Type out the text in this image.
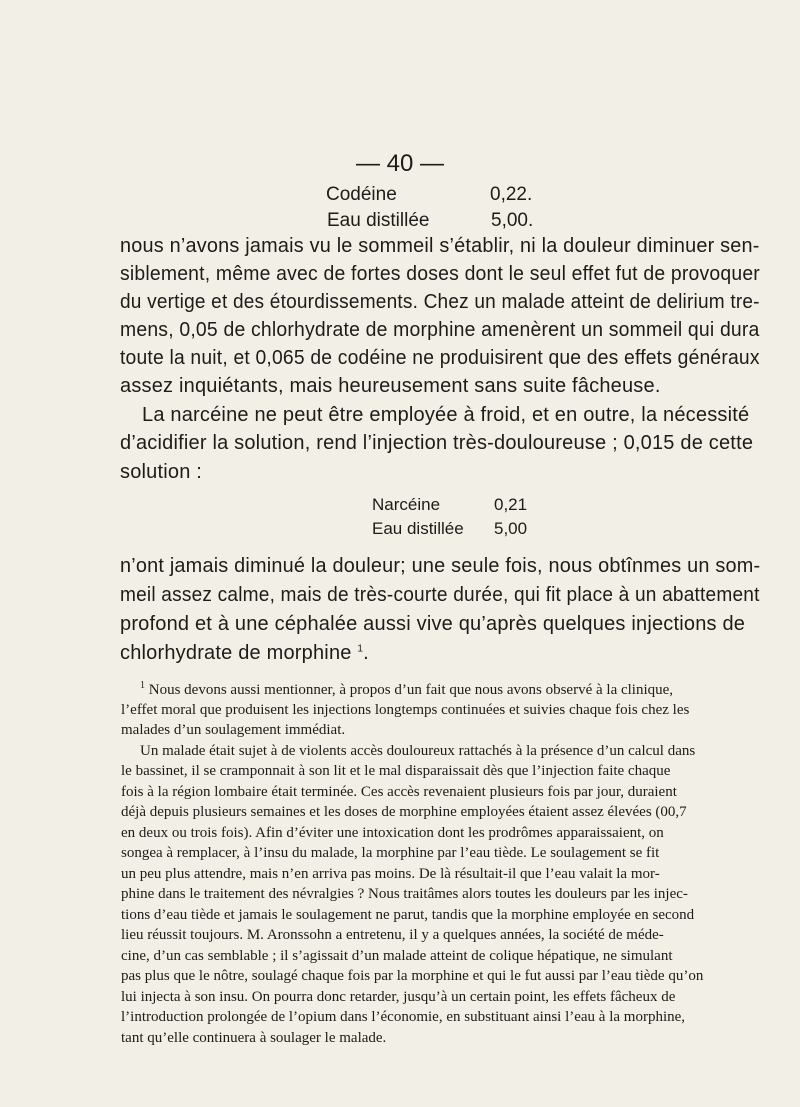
— 40 —
Codéine	0,22.
Eau distillée	5,00.
nous n’avons jamais vu le sommeil s’établir, ni la douleur diminuer sen-
siblement, même avec de fortes doses dont le seul effet fut de provoquer
du vertige et des étourdissements. Chez un malade atteint de delirium tre-
mens, 0,05 de chlorhydrate de morphine amenèrent un sommeil qui dura
toute la nuit, et 0,065 de codéine ne produisirent que des effets généraux
assez inquiétants, mais heureusement sans suite fâcheuse.
La narcéine ne peut être employée à froid, et en outre, la nécessité
d’acidifier la solution, rend l’injection très-douloureuse ; 0,015 de cette
solution :
Narcéine	0,21
Eau distillée 5,00
n’ont jamais diminué la douleur; une seule fois, nous obtînmes un som-
meil assez calme, mais de très-courte durée, qui fit place à un abattement
profond et à une céphalée aussi vive qu’après quelques injections de
chlorhydrate de morphine $^1$.
$^1$ Nous devons aussi mentionner, à propos d’un fait que nous avons observé à la clinique,
l’effet moral que produisent les injections longtemps continuées et suivies chaque fois chez les
malades d’un soulagement immédiat.
Un malade était sujet à de violents accès douloureux rattachés à la présence d’un calcul dans
le bassinet, il se cramponnait à son lit et le mal disparaissait dès que l’injection faite chaque
fois à la région lombaire était terminée. Ces accès revenaient plusieurs fois par jour, duraient
déjà depuis plusieurs semaines et les doses de morphine employées étaient assez élevées (00,7
en deux ou trois fois). Afin d’éviter une intoxication dont les prodrômes apparaissaient, on
songea à remplacer, à l’insu du malade, la morphine par l’eau tiède. Le soulagement se fit
un peu plus attendre, mais n’en arriva pas moins. De là résultait-il que l’eau valait la mor-
phine dans le traitement des névralgies ? Nous traitâmes alors toutes les douleurs par les injec-
tions d’eau tiède et jamais le soulagement ne parut, tandis que la morphine employée en second
lieu réussit toujours. M. Aronssohn a entretenu, il y a quelques années, la société de méde-
cine, d’un cas semblable ; il s’agissait d’un malade atteint de colique hépatique, ne simulant
pas plus que le nôtre, soulagé chaque fois par la morphine et qui le fut aussi par l’eau tiède qu’on
lui injecta à son insu. On pourra donc retarder, jusqu’à un certain point, les effets fâcheux de
l’introduction prolongée de l’opium dans l’économie, en substituant ainsi l’eau à la morphine,
tant qu’elle continuera à soulager le malade.
